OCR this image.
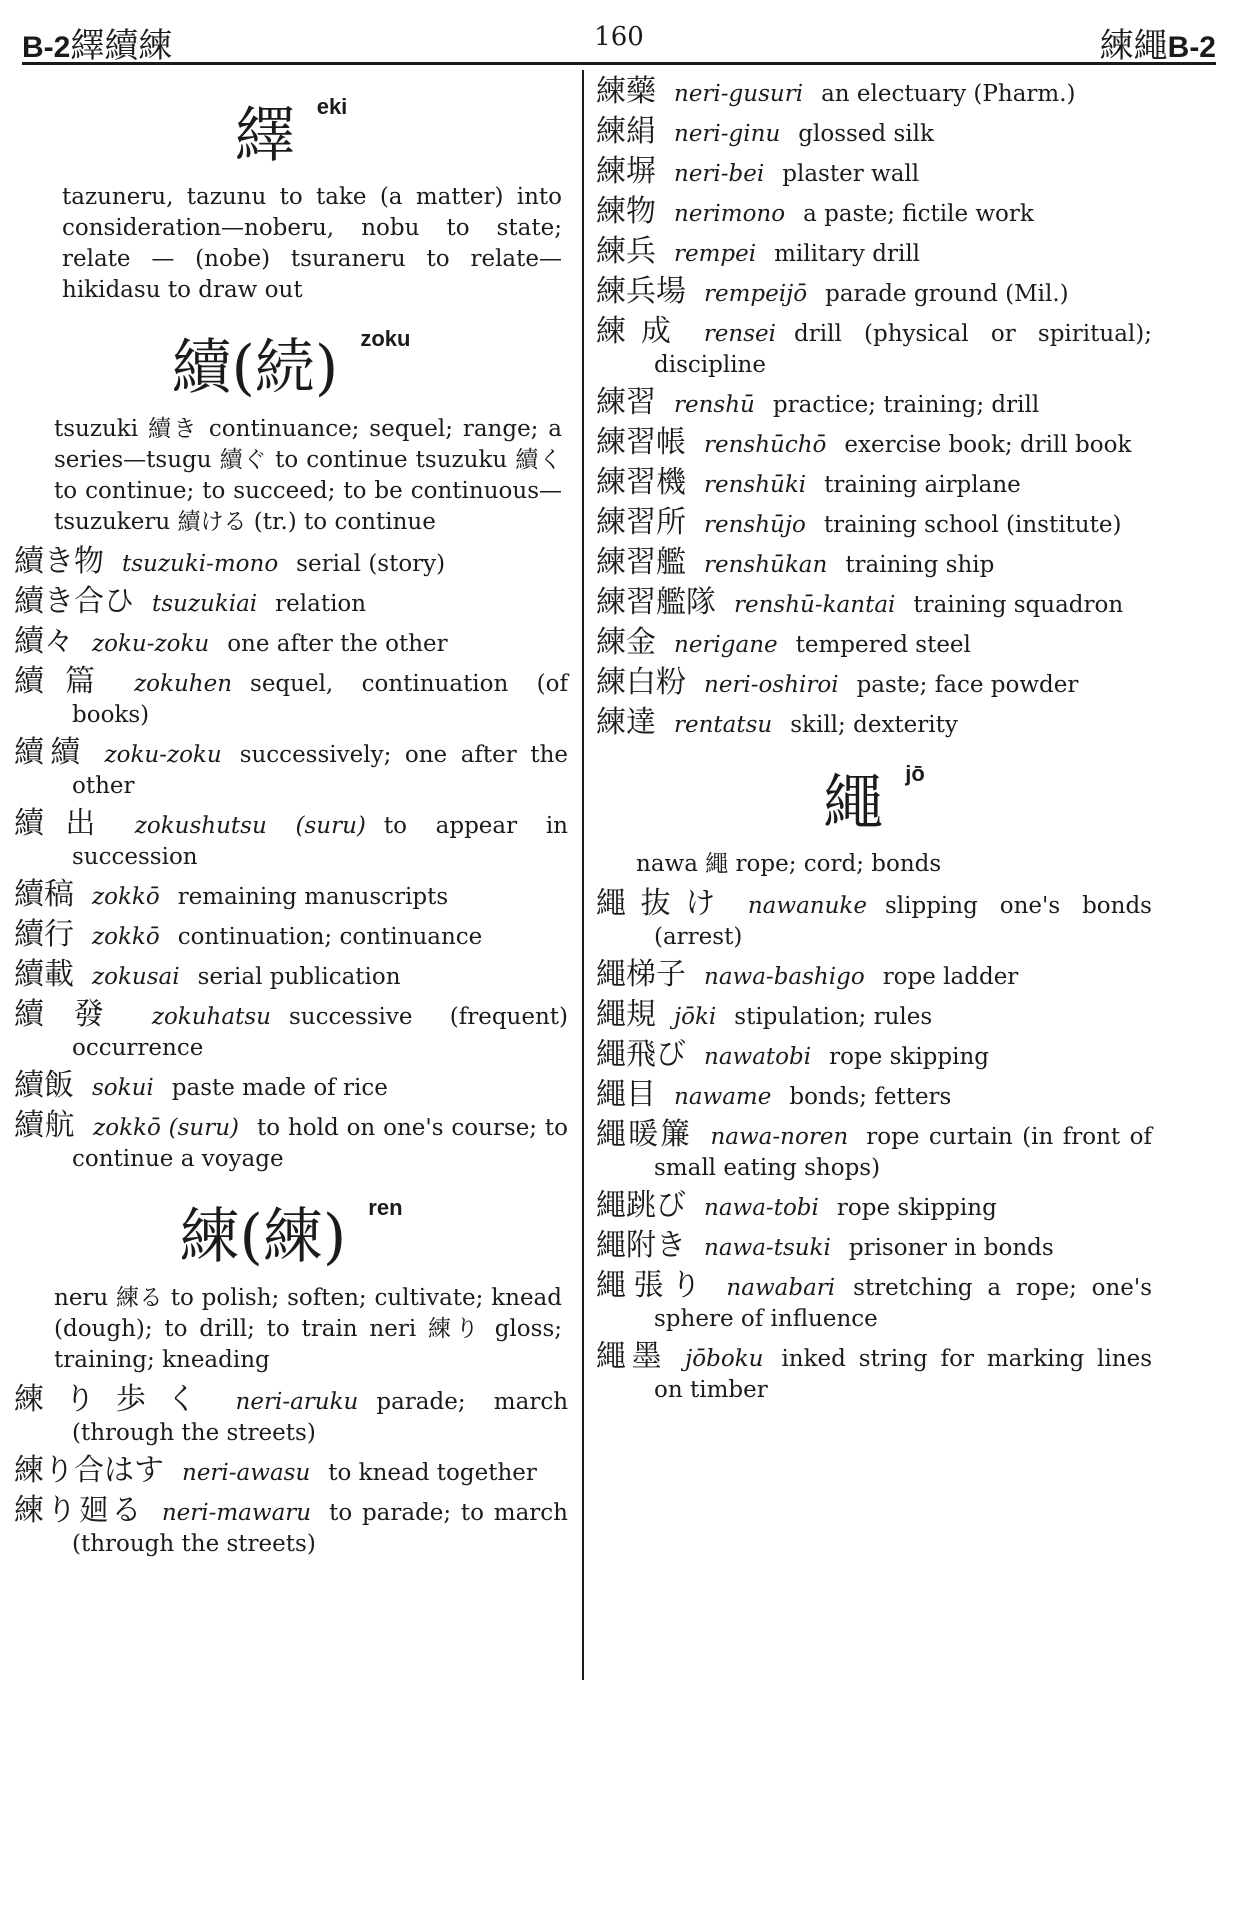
B-2繹續練	160	練繩B-2
繹 eki

tazuneru, tazunu to take (a matter) into consideration—noberu, nobu to state; relate — (nobe) tsuraneru to relate—hikidasu to draw out

續(続) zoku

tsuzuki 續き continuance; sequel; range; a series—tsugu 續ぐ to continue tsuzuku 續く to continue; to succeed; to be continuous—tsuzukeru 續ける (tr.) to continue

續き物 tsuzuki-mono serial (story)
續き合ひ tsuzukiai relation
續々 zoku-zoku one after the other
續篇 zokuhen sequel, continuation (of books)
續續 zoku-zoku successively; one after the other
續出 zokushutsu (suru) to appear in succession
續稿 zokkō remaining manuscripts
續行 zokkō continuation; continuance
續載 zokusai serial publication
續發 zokuhatsu successive (frequent) occurrence
續飯 sokui paste made of rice
續航 zokkō (suru) to hold on one's course; to continue a voyage
練(練) ren

neru 練る to polish; soften; cultivate; knead (dough); to drill; to train neri 練り gloss; training; kneading

練り歩く neri-aruku parade; march (through the streets)
練り合はす neri-awasu to knead together
練り廻る neri-mawaru to parade; to march (through the streets)
練藥 neri-gusuri an electuary (Pharm.)
練絹 neri-ginu glossed silk
練塀 neri-bei plaster wall
練物 nerimono a paste; fictile work
練兵 rempei military drill
練兵場 rempeijō parade ground (Mil.)
練成 rensei drill (physical or spiritual); discipline
練習 renshū practice; training; drill
練習帳 renshūchō exercise book; drill book
練習機 renshūki training airplane
練習所 renshūjo training school (institute)
練習艦 renshūkan training ship
練習艦隊 renshū-kantai training squadron
練金 nerigane tempered steel
練白粉 neri-oshiroi paste; face powder
練達 rentatsu skill; dexterity
繩 jō

nawa 繩 rope; cord; bonds

繩抜け nawanuke slipping one's bonds (arrest)
繩梯子 nawa-bashigo rope ladder
繩規 jōki stipulation; rules
繩飛び nawatobi rope skipping
繩目 nawame bonds; fetters
繩暖簾 nawa-noren rope curtain (in front of small eating shops)
繩跳び nawa-tobi rope skipping
繩附き nawa-tsuki prisoner in bonds
繩張り nawabari stretching a rope; one's sphere of influence
繩墨 jōboku inked string for marking lines on timber
